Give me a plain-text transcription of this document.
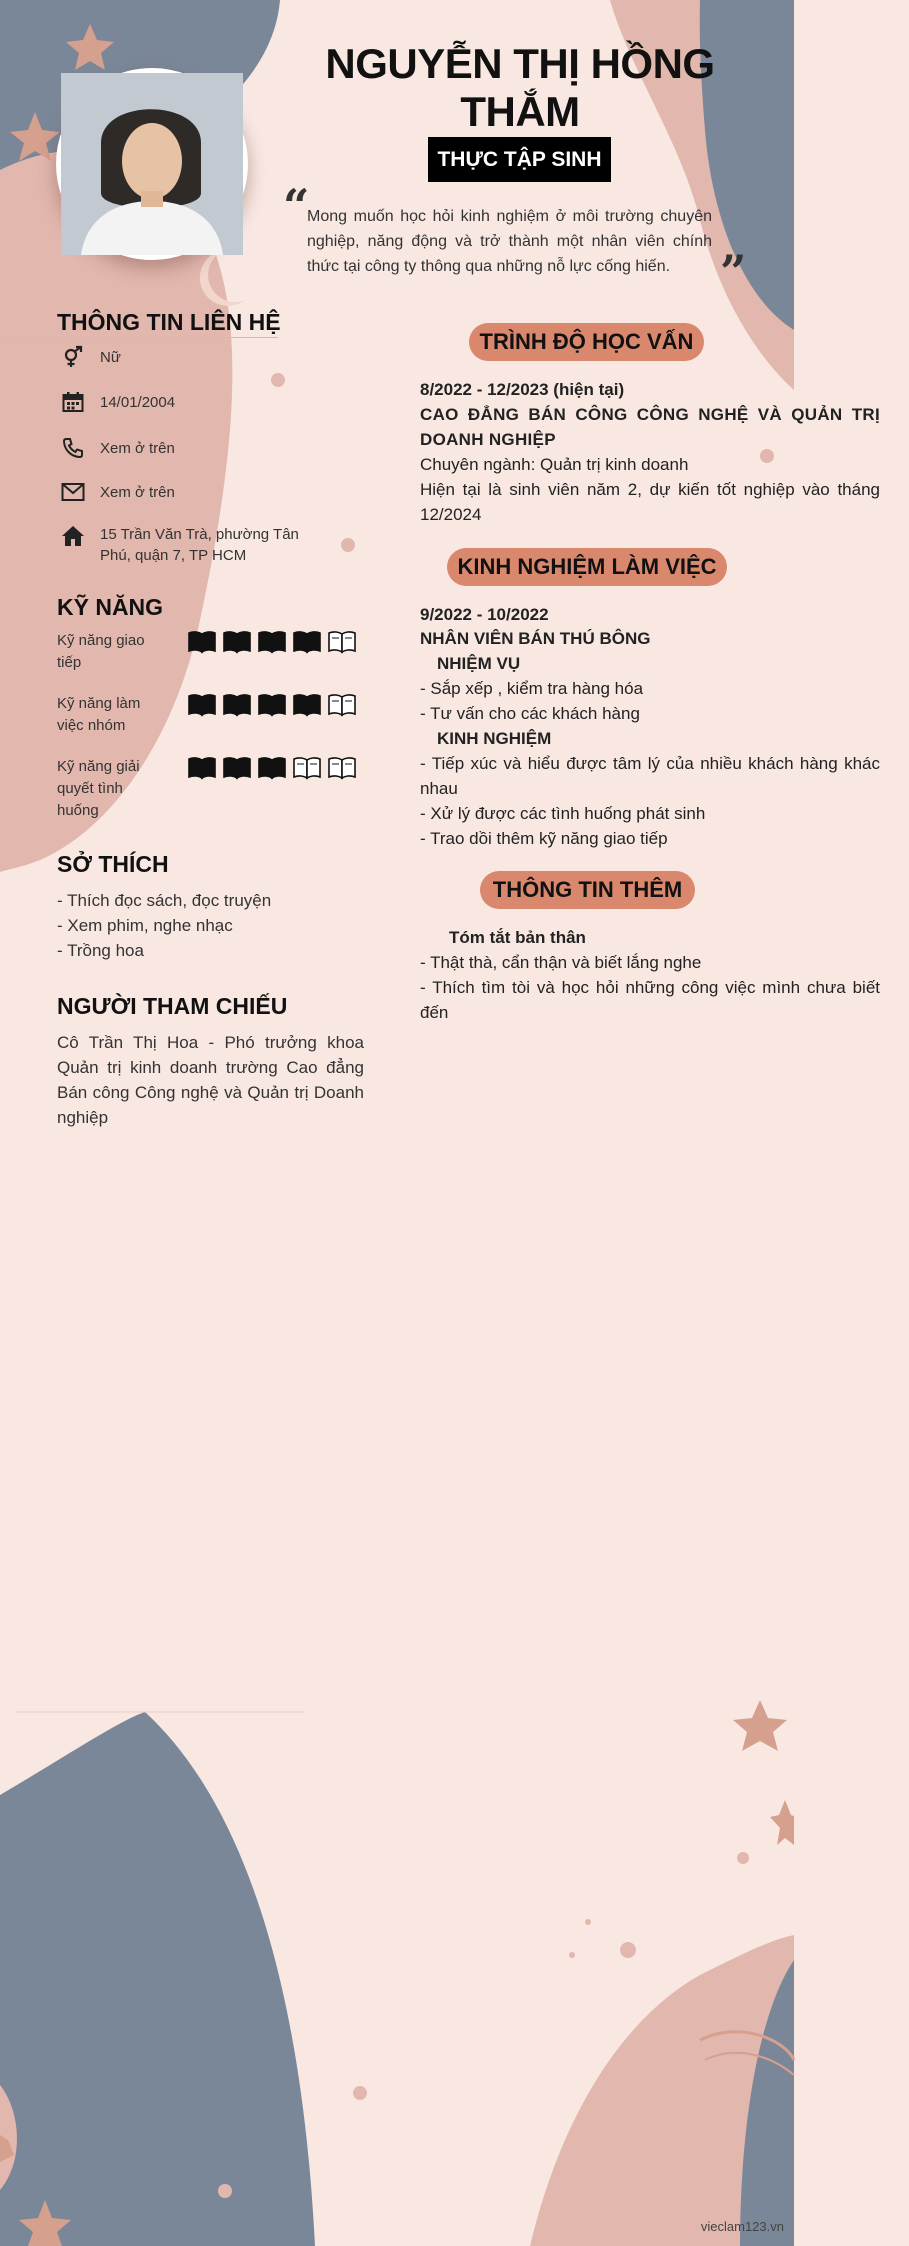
NGUYỄN THỊ HỒNG THẮM
THỰC TẬP SINH
“
Mong muốn học hỏi kinh nghiệm ở môi trường chuyên nghiệp, năng động và trở thành một nhân viên chính thức tại công ty thông qua những nỗ lực cống hiến.	”
THÔNG TIN LIÊN HỆ
Nữ
14/01/2004
Xem ở trên
Xem ở trên
15 Trần Văn Trà, phường Tân Phú, quận 7, TP HCM
KỸ NĂNG
Kỹ năng giao tiếp
Kỹ năng làm việc nhóm
Kỹ năng giải quyết tình huống
SỞ THÍCH
- Thích đọc sách, đọc truyện
- Xem phim, nghe nhạc
- Trồng hoa
NGƯỜI THAM CHIẾU
Cô Trần Thị Hoa - Phó trưởng khoa Quản trị kinh doanh trường Cao đẳng Bán công Công nghệ và Quản trị Doanh nghiệp
TRÌNH ĐỘ HỌC VẤN
8/2022 - 12/2023 (hiện tại)
CAO ĐẲNG BÁN CÔNG CÔNG NGHỆ VÀ QUẢN TRỊ DOANH NGHIỆP
Chuyên ngành: Quản trị kinh doanh
Hiện tại là sinh viên năm 2, dự kiến tốt nghiệp vào tháng 12/2024
KINH NGHIỆM LÀM VIỆC
9/2022 - 10/2022
NHÂN VIÊN BÁN THÚ BÔNG
NHIỆM VỤ
- Sắp xếp , kiểm tra hàng hóa
- Tư vấn cho các khách hàng
KINH NGHIỆM
- Tiếp xúc và hiểu được tâm lý của nhiều khách hàng khác nhau
- Xử lý được các tình huống phát sinh
- Trao dồi thêm kỹ năng giao tiếp
THÔNG TIN THÊM
Tóm tắt bản thân
- Thật thà, cẩn thận và biết lắng nghe
- Thích tìm tòi và học hỏi những công việc mình chưa biết đến
vieclam123.vn
